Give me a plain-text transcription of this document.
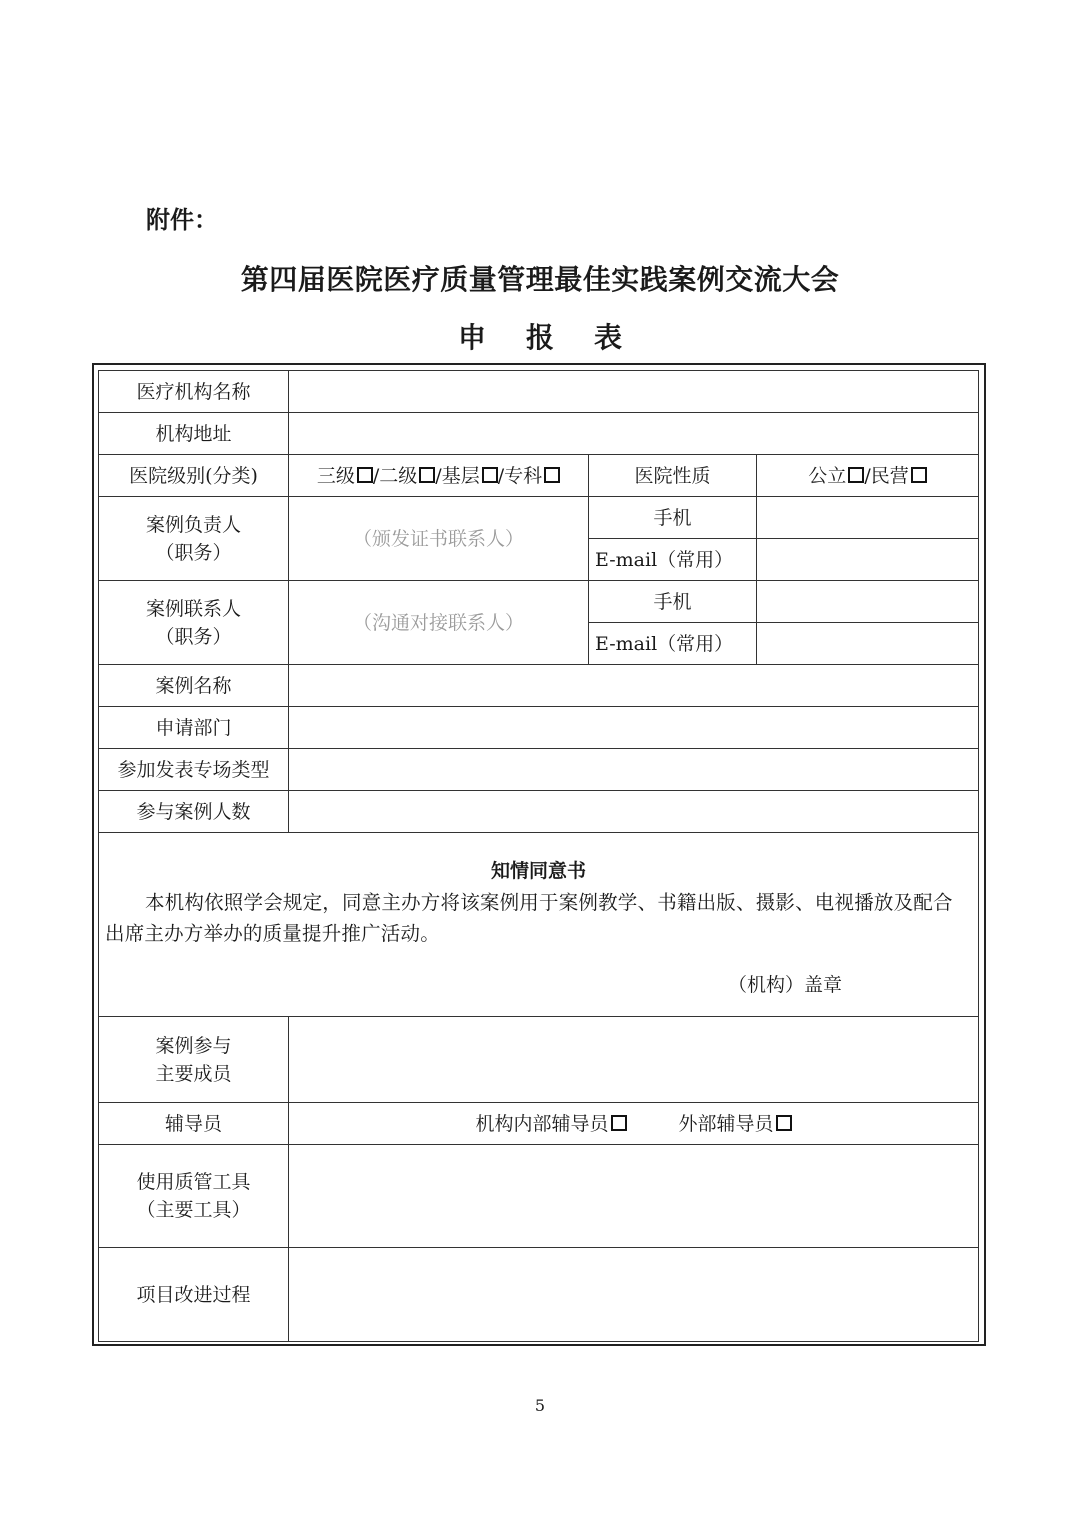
附件：
第四届医院医疗质量管理最佳实践案例交流大会
申 报 表
医疗机构名称			
机构地址			
医院级别(分类)	三级 /二级 /基层 /专科	医院性质	公立 /民营

案例负责人
（职务）	（颁发证书联系人）	手机	
		E-mail（常用）	

案例联系人
（职务）	（沟通对接联系人）	手机	
		E-mail（常用）	
案例名称			
申请部门			
参加发表专场类型			
参与案例人数			

知情同意书
本机构依照学会规定，同意主办方将该案例用于案例教学、书籍出版、摄影、电视播放及配合出席主办方举办的质量提升推广活动。
（机构）盖章			

案例参与
主要成员			

辅导员	机构内部辅导员 外部辅导员		

使用质管工具
（主要工具）			

项目改进过程			
5
